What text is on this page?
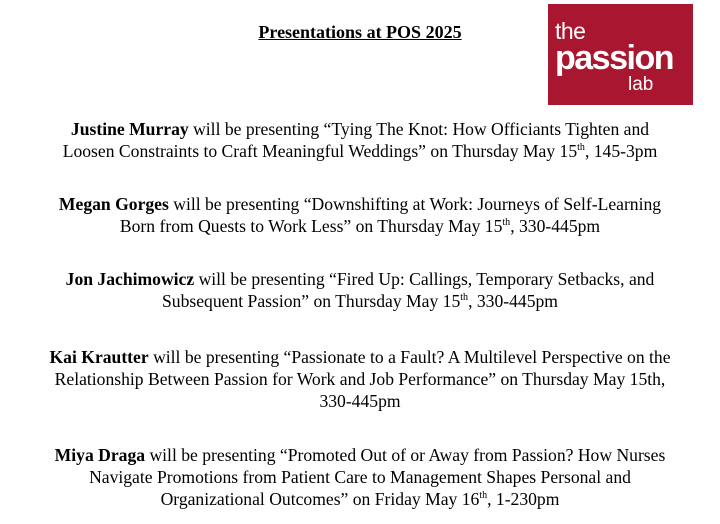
Presentations at POS 2025	the
passion
lab
Justine Murray will be presenting “Tying The Knot: How Officiants Tighten and
Loosen Constraints to Craft Meaningful Weddings” on Thursday May 15th, 145-3pm
Megan Gorges will be presenting “Downshifting at Work: Journeys of Self-Learning
Born from Quests to Work Less” on Thursday May 15th, 330-445pm
Jon Jachimowicz will be presenting “Fired Up: Callings, Temporary Setbacks, and
Subsequent Passion” on Thursday May 15th, 330-445pm
Kai Krautter will be presenting “Passionate to a Fault? A Multilevel Perspective on the
Relationship Between Passion for Work and Job Performance” on Thursday May 15th,
330-445pm
Miya Draga will be presenting “Promoted Out of or Away from Passion? How Nurses
Navigate Promotions from Patient Care to Management Shapes Personal and
Organizational Outcomes” on Friday May 16th, 1-230pm
